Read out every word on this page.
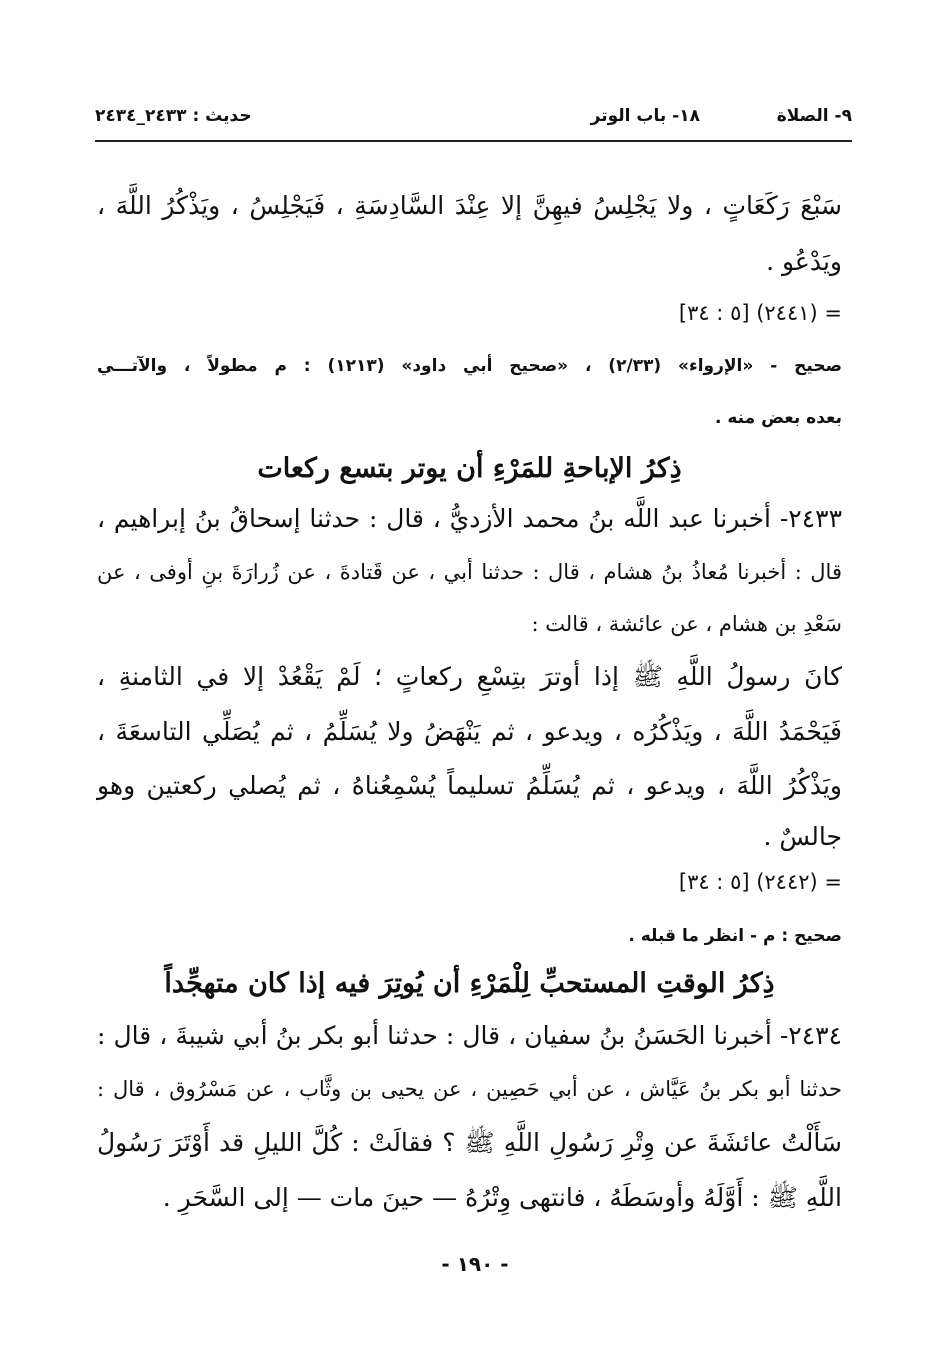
٩- الصلاة
١٨- باب الوتر
حديث : ٢٤٣٣_٢٤٣٤
سَبْعَ رَكَعَاتٍ ، ولا يَجْلِسُ فيهِنَّ إلا عِنْدَ السَّادِسَةِ ، فَيَجْلِسُ ، ويَذْكُرُ اللَّهَ ،
ويَدْعُو .
= (٢٤٤١) [٥ : ٣٤]
صحيح - «الإرواء» (٢/٣٣) ، «صحيح أبي داود» (١٢١٣) : م مطولاً ، والآتـــي
بعده بعض منه .
ذِكرُ الإباحةِ للمَرْءِ أن يوتر بتسع ركعات
٢٤٣٣- أخبرنا عبد اللَّه بنُ محمد الأزديُّ ، قال : حدثنا إسحاقُ بنُ إبراهيم ،
قال : أخبرنا مُعاذُ بنُ هشام ، قال : حدثنا أبي ، عن قَتادةَ ، عن زُرارَةَ بنِ أوفى ، عن
سَعْدِ بن هشام ، عن عائشة ، قالت :
كانَ رسولُ اللَّهِ ﷺ إذا أوترَ بتِسْعِ ركعاتٍ ؛ لَمْ يَقْعُدْ إلا في الثامنةِ ،
فَيَحْمَدُ اللَّهَ ، ويَذْكُرُه ، ويدعو ، ثم يَنْهَضُ ولا يُسَلِّمُ ، ثم يُصَلِّي التاسعَةَ ،
ويَذْكُرُ اللَّهَ ، ويدعو ، ثم يُسَلِّمُ تسليماً يُسْمِعُناهُ ، ثم يُصلي ركعتين وهو
جالسٌ .
= (٢٤٤٢) [٥ : ٣٤]
صحيح : م - انظر ما قبله .
ذِكرُ الوقتِ المستحبِّ لِلْمَرْءِ أن يُوتِرَ فيه إذا كان متهجِّداً
٢٤٣٤- أخبرنا الحَسَنُ بنُ سفيان ، قال : حدثنا أبو بكر بنُ أبي شيبةَ ، قال :
حدثنا أبو بكر بنُ عَيَّاش ، عن أبي حَصِين ، عن يحيى بن وثَّاب ، عن مَسْرُوق ، قال :
سَأَلْتُ عائشَةَ عن وِتْرِ رَسُولِ اللَّهِ ﷺ ؟ فقالَتْ : كُلَّ الليلِ قد أَوْتَرَ رَسُولُ
اللَّهِ ﷺ : أَوَّلَهُ وأوسَطَهُ ، فانتهى وِتْرُهُ — حينَ مات — إلى السَّحَرِ .
- ١٩٠ -
